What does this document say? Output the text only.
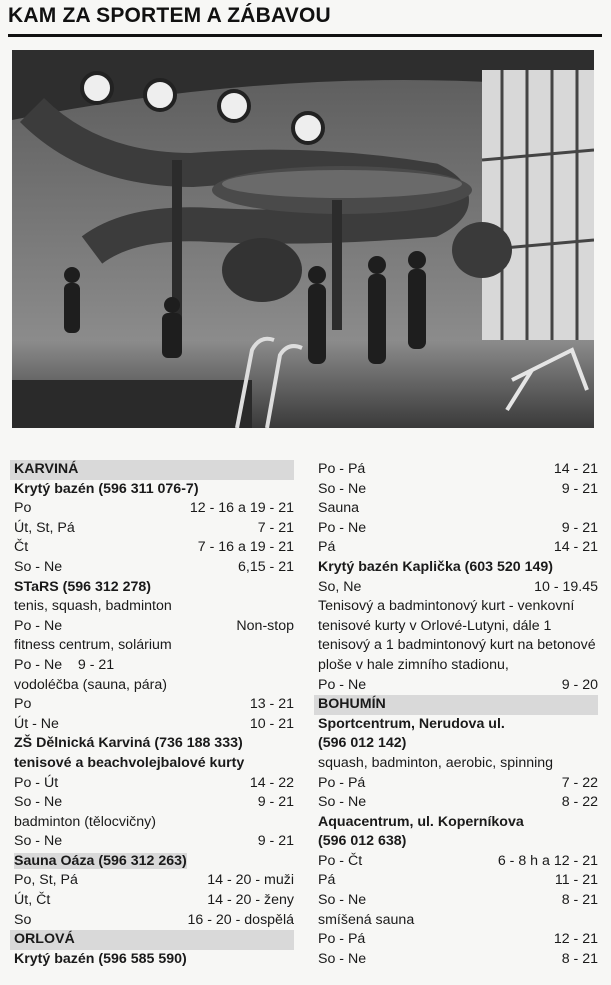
KAM ZA SPORTEM A ZÁBAVOU
KARVINÁ
Krytý bazén (596 311 076-7)
Po	12 - 16 a 19 - 21
Út, St, Pá	7 - 21
Čt	7 - 16 a 19 - 21
So - Ne	6,15 - 21
STaRS (596 312 278)
tenis, squash, badminton
Po - Ne	Non-stop
fitness centrum, solárium
Po - Ne    9 - 21
vodoléčba (sauna, pára)
Po	13 - 21
Út - Ne	10 - 21
ZŠ Dělnická Karviná (736 188 333) tenisové a beachvolejbalové kurty
Po - Út	14 - 22
So - Ne	9 - 21
badminton (tělocvičny)
So - Ne	9 - 21
Sauna Oáza (596 312 263)
Po, St, Pá	14 - 20 - muži
Út, Čt	14 - 20 - ženy
So	16 - 20 - dospělá
ORLOVÁ
Krytý bazén (596 585 590)
Po - Pá	14 - 21
So - Ne	9 - 21
Sauna
Po - Ne	9 - 21
Pá	14 - 21
Krytý bazén Kaplička (603 520 149)
So, Ne	10 - 19.45
Tenisový a badmintonový kurt - venkovní tenisové kurty v Orlové-Lutyni, dále 1 tenisový a 1 badmintonový kurt na betonové ploše v hale zimního stadionu,
Po - Ne	9 - 20
BOHUMÍN
Sportcentrum, Nerudova ul.
(596 012 142)
squash, badminton, aerobic, spinning
Po - Pá	7 - 22
So - Ne	8 - 22
Aquacentrum, ul. Koperníkova
(596 012 638)
Po - Čt	6 - 8 h a 12 - 21
Pá	11 - 21
So - Ne	8 - 21
smíšená sauna
Po - Pá	12 - 21
So - Ne	8 - 21
